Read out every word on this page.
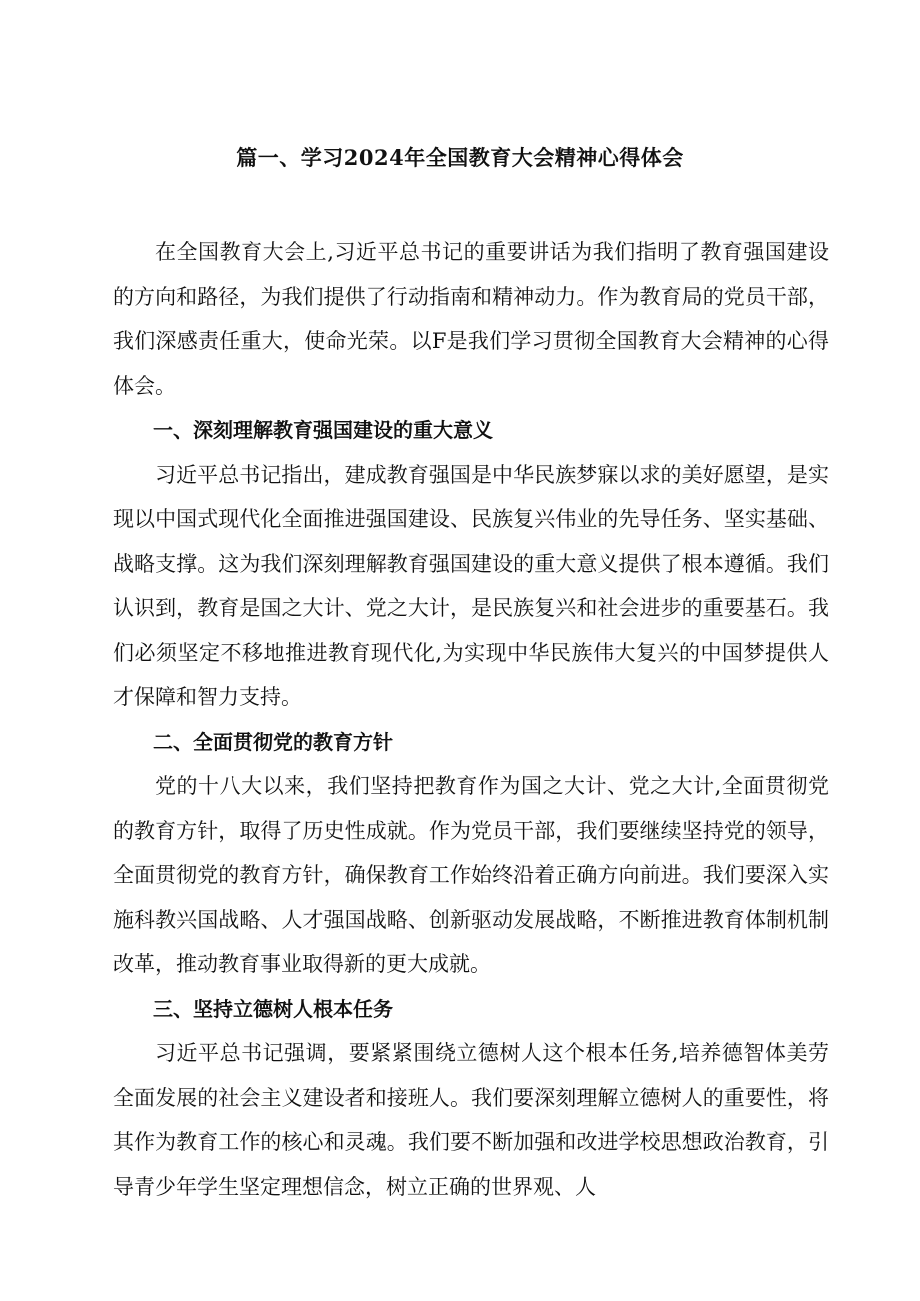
篇一、学习2024年全国教育大会精神心得体会

在全国教育大会上,习近平总书记的重要讲话为我们指明了教育强国建设的方向和路径，为我们提供了行动指南和精神动力。作为教育局的党员干部，我们深感责任重大，使命光荣。以F是我们学习贯彻全国教育大会精神的心得体会。

一、深刻理解教育强国建设的重大意义

习近平总书记指出，建成教育强国是中华民族梦寐以求的美好愿望，是实现以中国式现代化全面推进强国建设、民族复兴伟业的先导任务、坚实基础、战略支撑。这为我们深刻理解教育强国建设的重大意义提供了根本遵循。我们认识到，教育是国之大计、党之大计，是民族复兴和社会进步的重要基石。我们必须坚定不移地推进教育现代化,为实现中华民族伟大复兴的中国梦提供人才保障和智力支持。

二、全面贯彻党的教育方针

党的十八大以来，我们坚持把教育作为国之大计、党之大计,全面贯彻党的教育方针，取得了历史性成就。作为党员干部，我们要继续坚持党的领导，全面贯彻党的教育方针，确保教育工作始终沿着正确方向前进。我们要深入实施科教兴国战略、人才强国战略、创新驱动发展战略，不断推进教育体制机制改革，推动教育事业取得新的更大成就。

三、坚持立德树人根本任务

习近平总书记强调，要紧紧围绕立德树人这个根本任务,培养德智体美劳全面发展的社会主义建设者和接班人。我们要深刻理解立德树人的重要性，将其作为教育工作的核心和灵魂。我们要不断加强和改进学校思想政治教育，引导青少年学生坚定理想信念，树立正确的世界观、人
